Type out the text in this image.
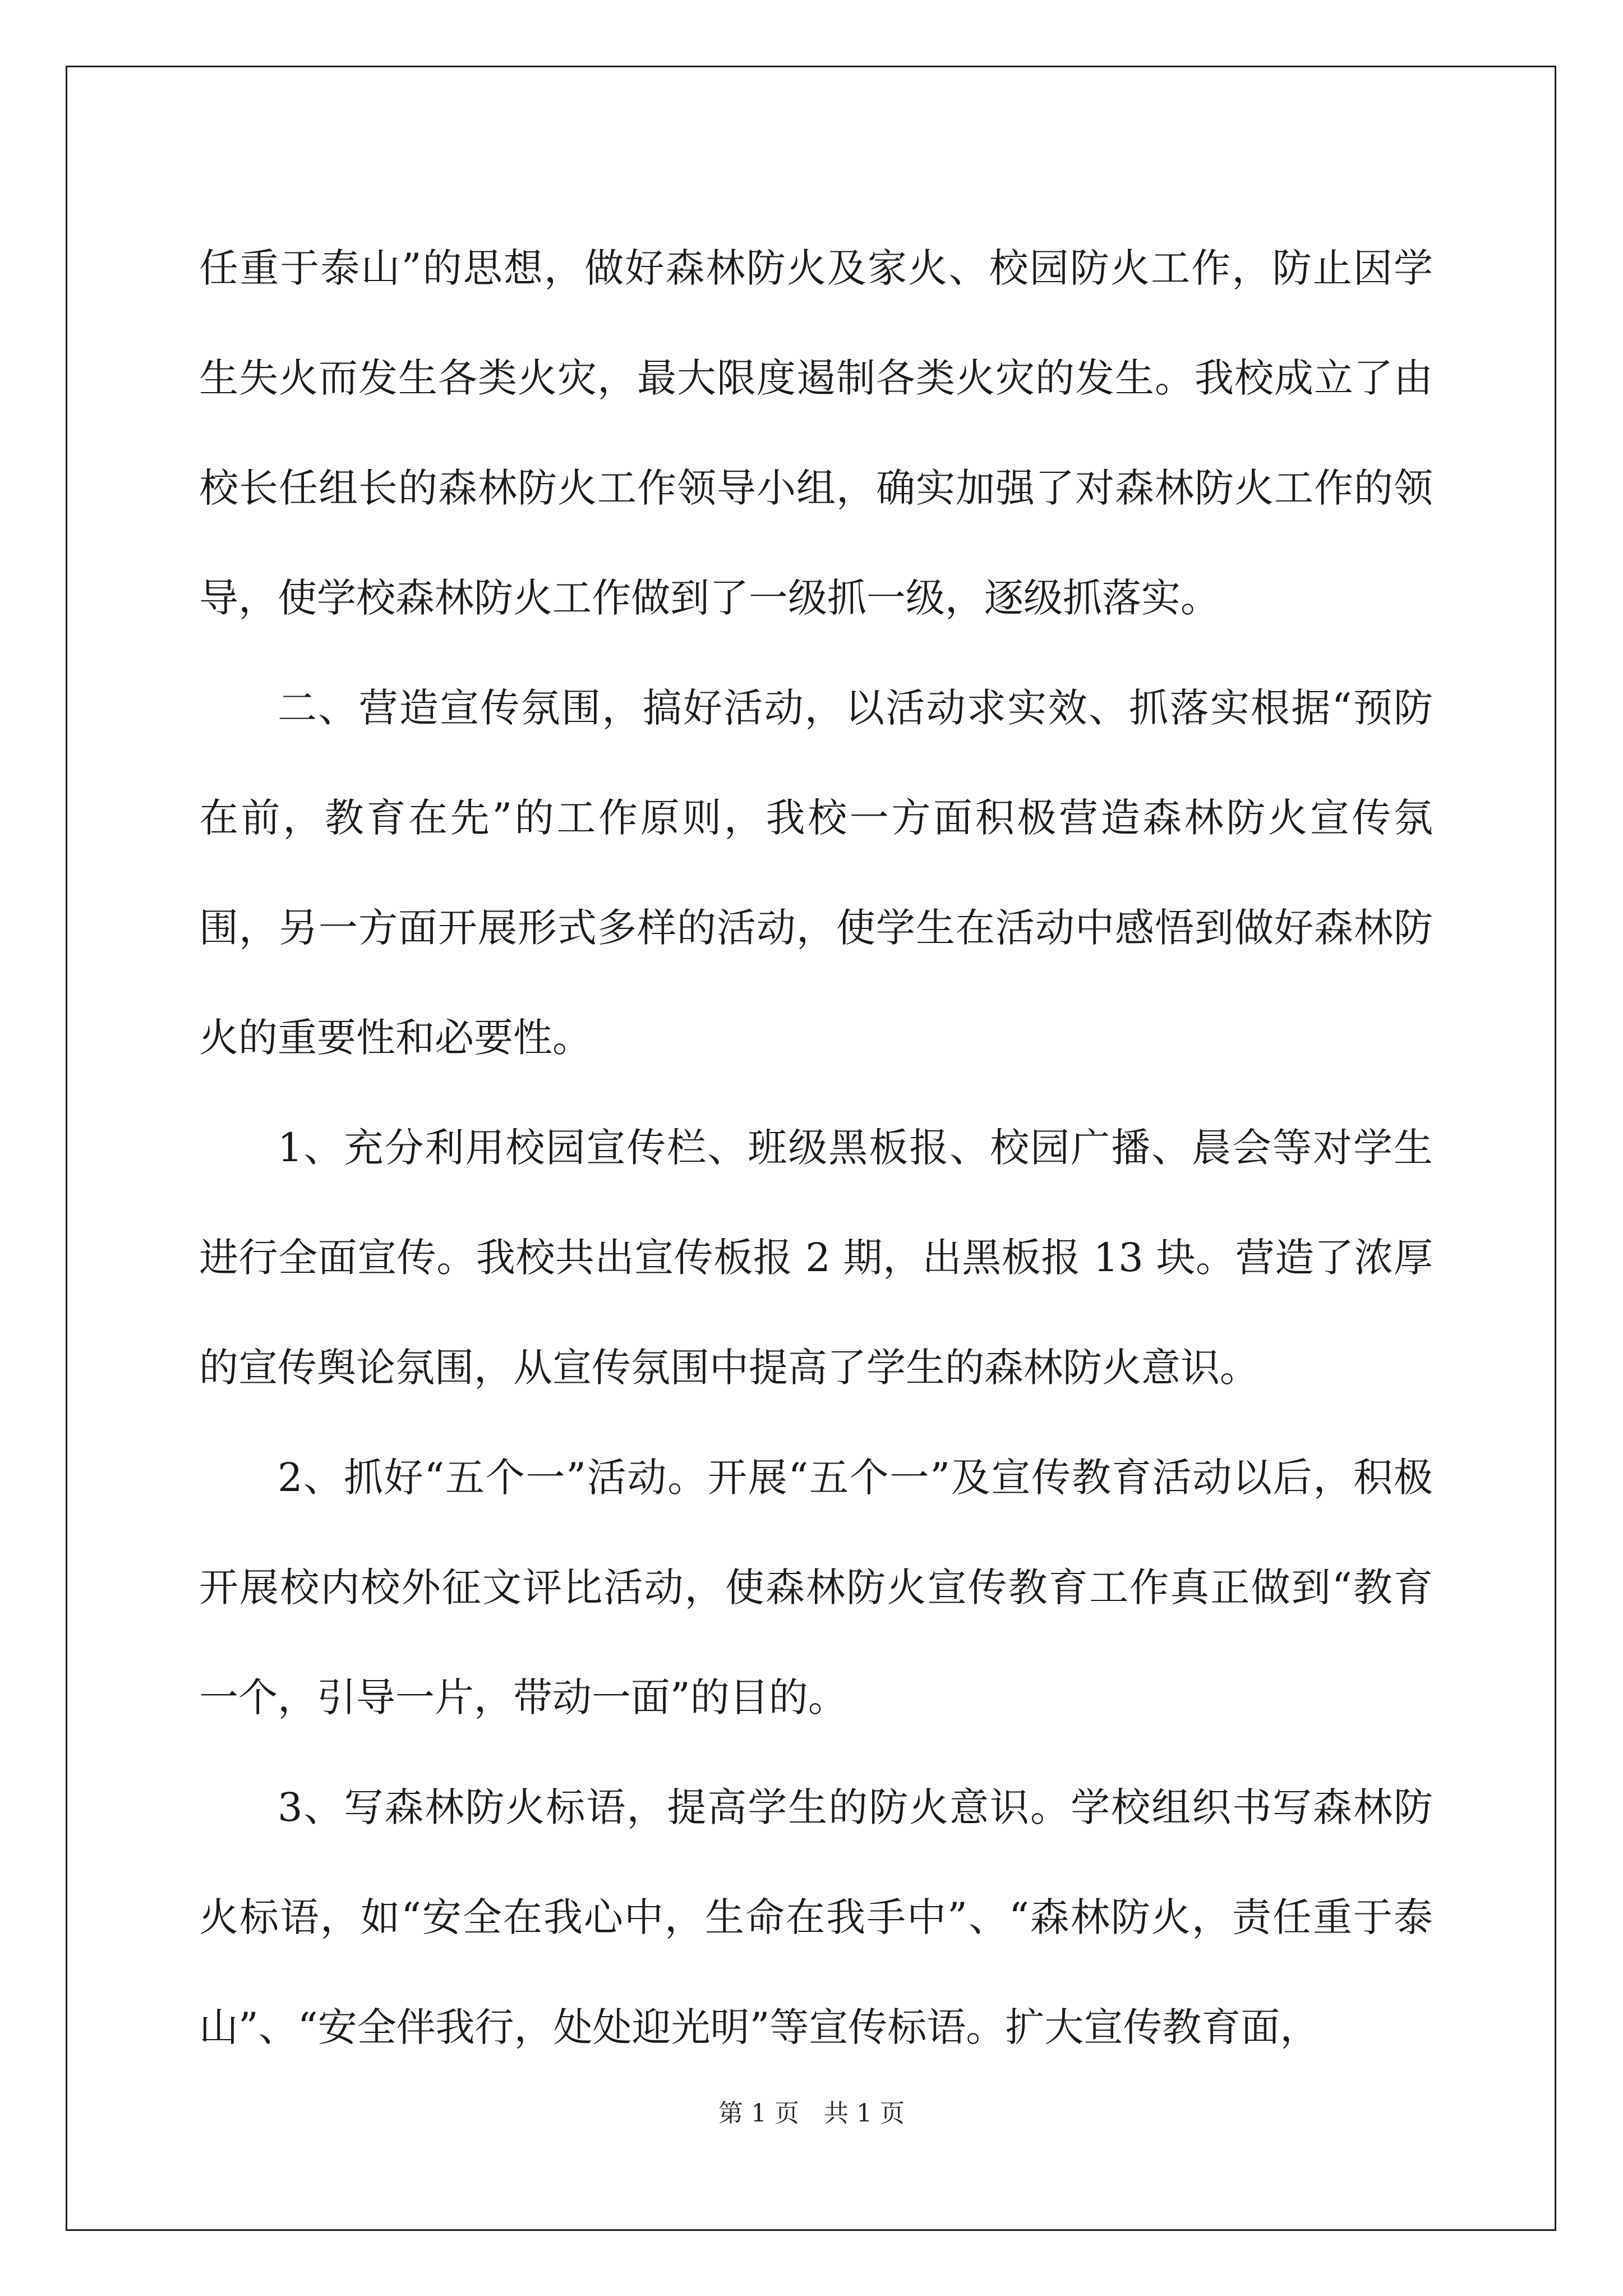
任重于泰山”的思想，做好森林防火及家火、校园防火工作，防止因学生失火而发生各类火灾，最大限度遏制各类火灾的发生。我校成立了由校长任组长的森林防火工作领导小组，确实加强了对森林防火工作的领导，使学校森林防火工作做到了一级抓一级，逐级抓落实。

二、营造宣传氛围，搞好活动，以活动求实效、抓落实根据“预防在前，教育在先”的工作原则，我校一方面积极营造森林防火宣传氛围，另一方面开展形式多样的活动，使学生在活动中感悟到做好森林防火的重要性和必要性。

1、充分利用校园宣传栏、班级黑板报、校园广播、晨会等对学生进行全面宣传。我校共出宣传板报 2 期，出黑板报 13 块。营造了浓厚的宣传舆论氛围，从宣传氛围中提高了学生的森林防火意识。

2、抓好“五个一”活动。开展“五个一”及宣传教育活动以后，积极开展校内校外征文评比活动，使森林防火宣传教育工作真正做到“教育一个，引导一片，带动一面”的目的。

3、写森林防火标语，提高学生的防火意识。学校组织书写森林防火标语，如“安全在我心中，生命在我手中”、“森林防火，责任重于泰山”、“安全伴我行，处处迎光明”等宣传标语。扩大宣传教育面，

第 1 页　共 1 页
